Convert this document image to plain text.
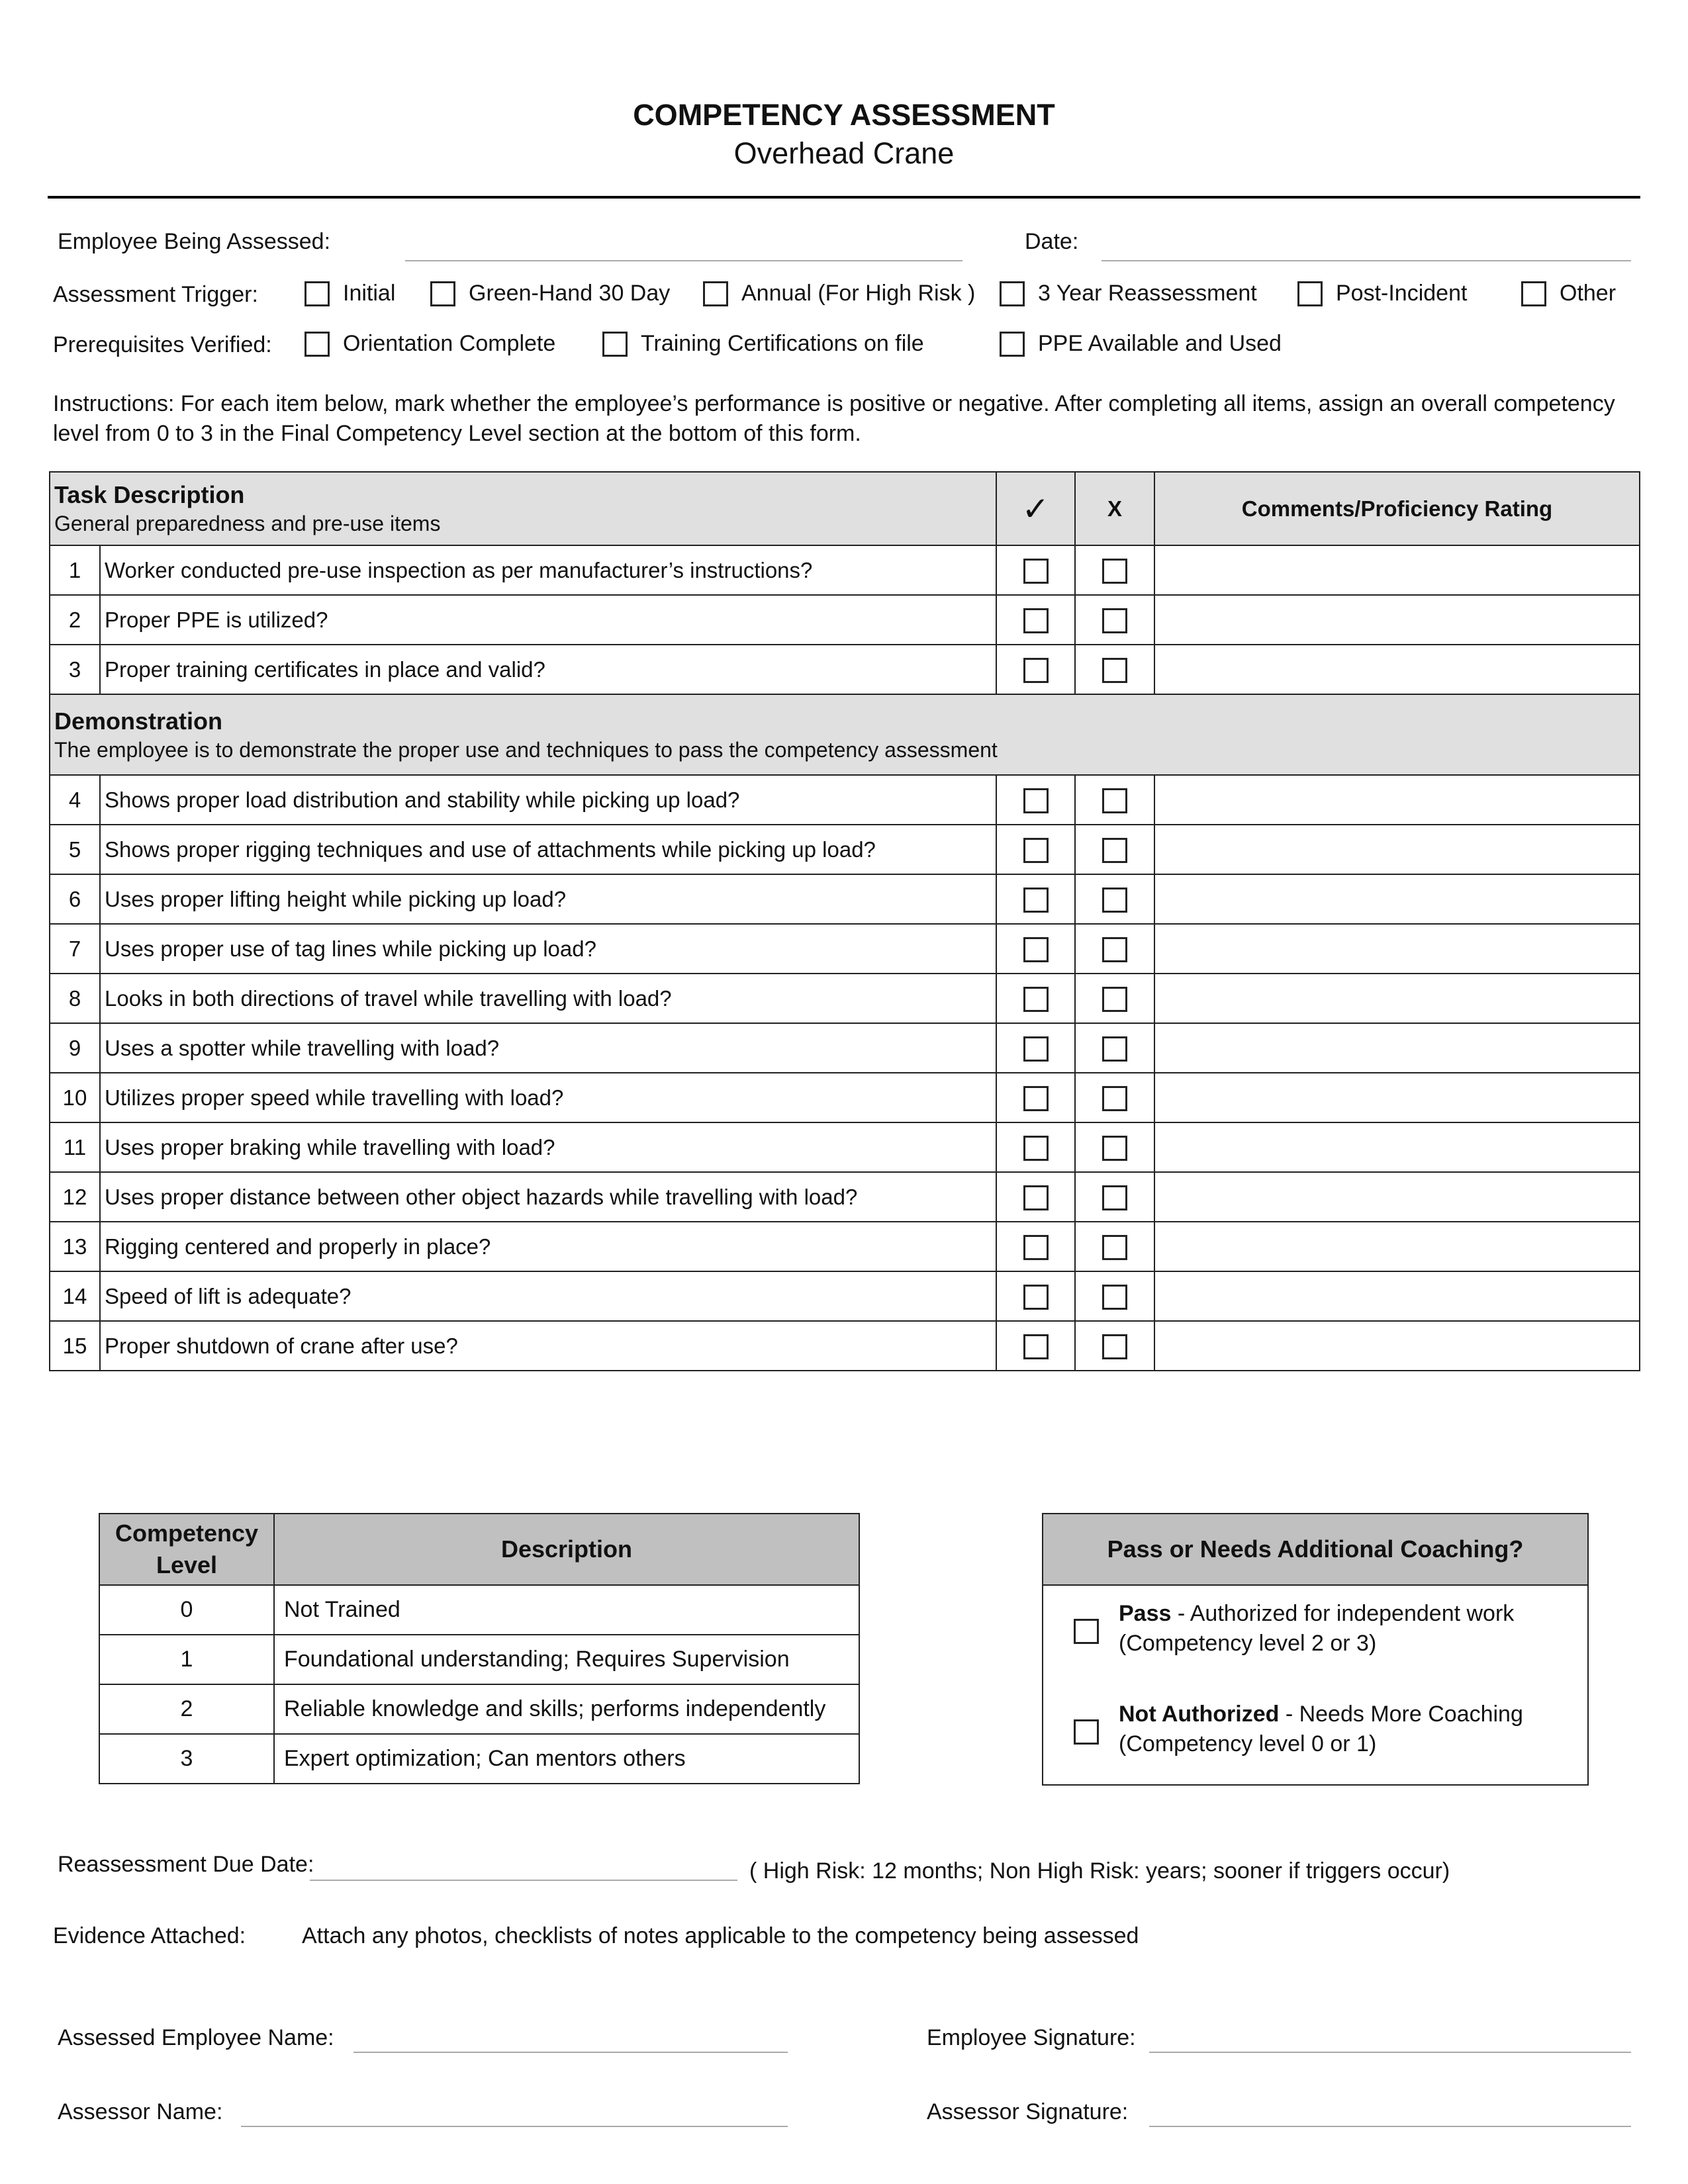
COMPETENCY ASSESSMENT
Overhead Crane
Employee Being Assessed:	Date:
Assessment Trigger:	Initial	Green-Hand 30 Day	Annual (For High Risk )	3 Year Reassessment	Post-Incident	Other
Prerequisites Verified:	Orientation Complete	Training Certifications on file	PPE Available and Used
Instructions: For each item below, mark whether the employee’s performance is positive or negative. After completing all items, assign an overall competency level from 0 to 3 in the Final Competency Level section at the bottom of this form.
Task Description
General preparedness and pre-use items		✓	X	Comments/Proficiency Rating
1	Worker conducted pre-use inspection as per manufacturer’s instructions?			
2	Proper PPE is utilized?			
3	Proper training certificates in place and valid?			

Demonstration
The employee is to demonstrate the proper use and techniques to pass the competency assessment				

4	Shows proper load distribution and stability while picking up load?			
5	Shows proper rigging techniques and use of attachments while picking up load?			
6	Uses proper lifting height while picking up load?			
7	Uses proper use of tag lines while picking up load?			
8	Looks in both directions of travel while travelling with load?			
9	Uses a spotter while travelling with load?			
10	Utilizes proper speed while travelling with load?			
11	Uses proper braking while travelling with load?			
12	Uses proper distance between other object hazards while travelling with load?			
13	Rigging centered and properly in place?			
14	Speed of lift is adequate?			
15	Proper shutdown of crane after use?			
Competency Level	Description
0	Not Trained
1	Foundational understanding; Requires Supervision
2	Reliable knowledge and skills; performs independently
3	Expert optimization; Can mentors others
Pass or Needs Additional Coaching?
Pass - Authorized for independent work
(Competency level 2 or 3)
Not Authorized - Needs More Coaching
(Competency level 0 or 1)
Reassessment Due Date:	( High Risk: 12 months; Non High Risk: years; sooner if triggers occur)
Evidence Attached: Attach any photos, checklists of notes applicable to the competency being assessed
Assessed Employee Name:	Employee Signature:
Assessor Name:	Assessor Signature:
